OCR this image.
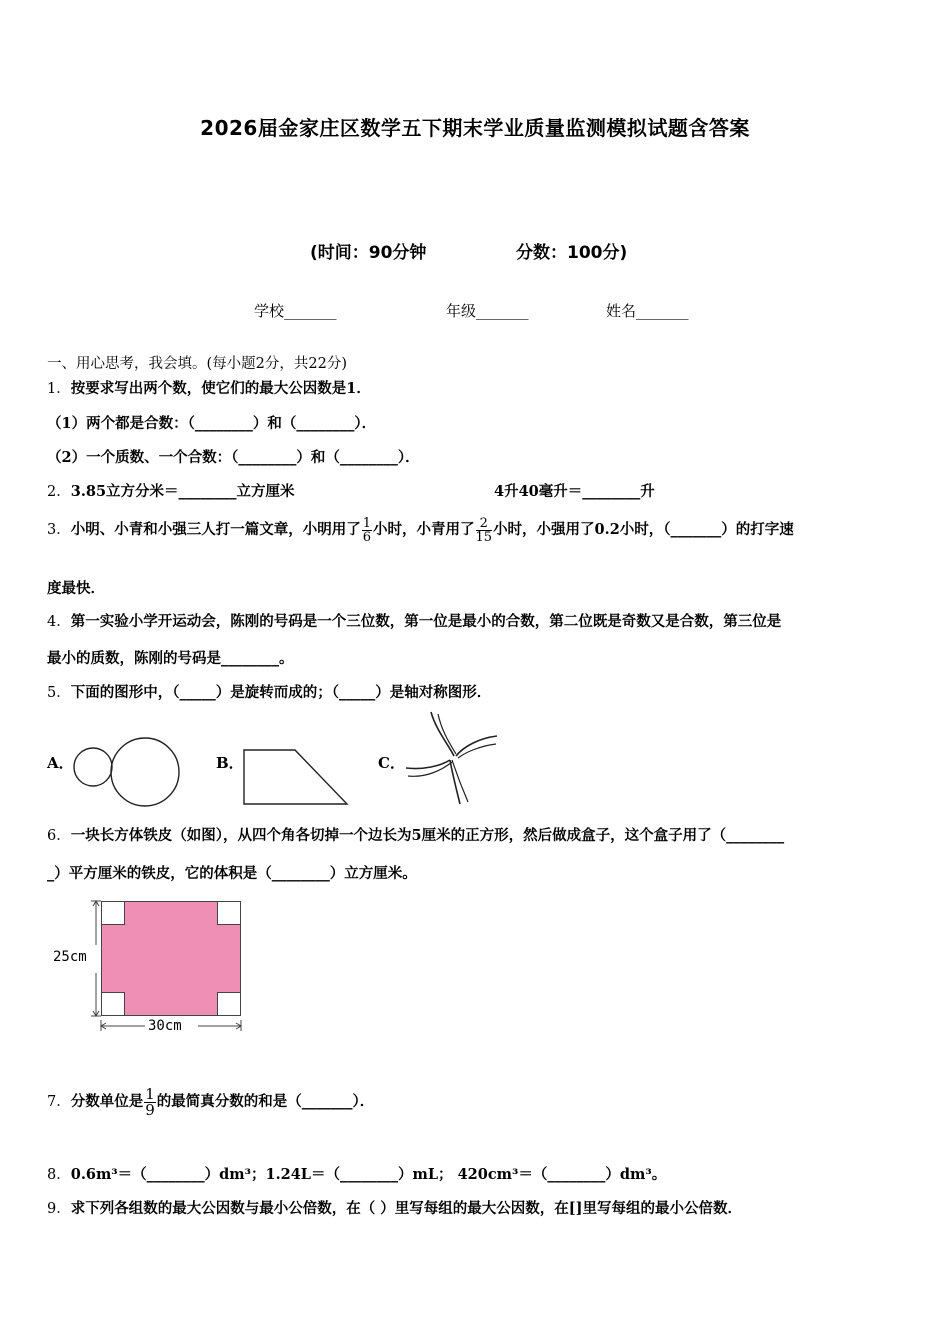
2026届金家庄区数学五下期末学业质量监测模拟试题含答案
(时间：90分钟	分数：100分)
学校_______	年级_______	姓名_______
一、用心思考，我会填。(每小题2分，共22分)
1．按要求写出两个数，使它们的最大公因数是1．
（1）两个都是合数：（________）和（________）．
（2）一个质数、一个合数：（________）和（________）．
2．3.85立方分米＝________立方厘米	4升40毫升＝________升
3．小明、小青和小强三人打一篇文章，小明用了 $\frac{1}{6}$ 小时，小青用了 $\frac{2}{15}$ 小时，小强用了0.2小时，（_______）的打字速
度最快．
4．第一实验小学开运动会，陈刚的号码是一个三位数，第一位是最小的合数，第二位既是奇数又是合数，第三位是
最小的质数，陈刚的号码是________。
5．下面的图形中，（_____）是旋转而成的；（_____）是轴对称图形．
A．	B．	C．
6．一块长方体铁皮（如图），从四个角各切掉一个边长为5厘米的正方形，然后做成盒子，这个盒子用了（________
_）平方厘米的铁皮，它的体积是（________）立方厘米。
25cm
30cm
7．分数单位是 $\frac{1}{9}$ 的最简真分数的和是（_______）．
8．0.6m³＝（________）dm³；1.24L＝（________）mL； 420cm³＝（________）dm³。
9．求下列各组数的最大公因数与最小公倍数，在（ ）里写每组的最大公因数，在[]里写每组的最小公倍数．
